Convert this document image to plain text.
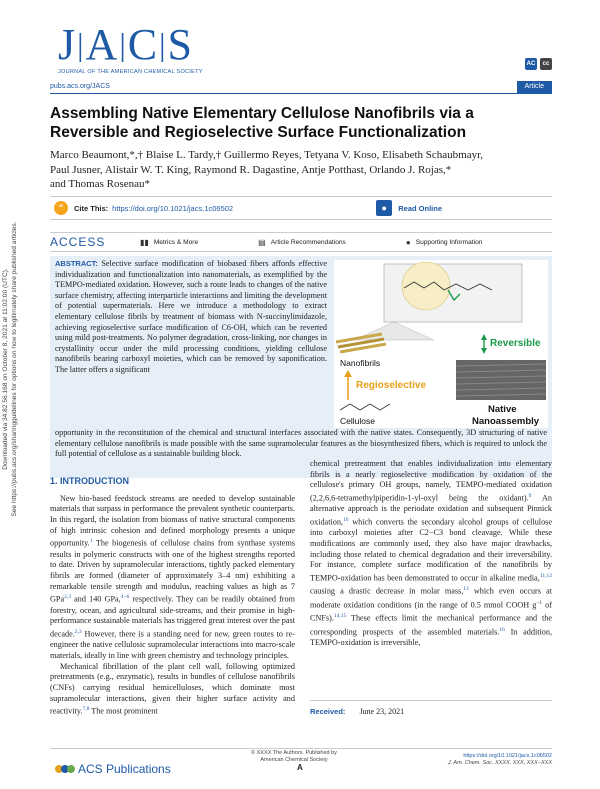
Downloaded via 34.82.56.168 on October 8, 2021 at 11:02:00 (UTC). See https://pubs.acs.org/sharingguidelines for options on how to legitimately share published articles.
J|A|C|S
JOURNAL OF THE AMERICAN CHEMICAL SOCIETY
AC	cc
pubs.acs.org/JACS	Article
Assembling Native Elementary Cellulose Nanofibrils via a Reversible and Regioselective Surface Functionalization
Marco Beaumont,*,† Blaise L. Tardy,† Guillermo Reyes, Tetyana V. Koso, Elisabeth Schaubmayr,
Paul Jusner, Alistair W. T. King, Raymond R. Dagastine, Antje Potthast, Orlando J. Rojas,*
and Thomas Rosenau*
"	Cite This: https://doi.org/10.1021/jacs.1c06502	●	Read Online
ACCESS	▮▮ Metrics & More	▤ Article Recommendations	● Supporting Information
ABSTRACT: Selective surface modification of biobased fibers affords effective individualization and functionalization into nanomaterials, as exemplified by the TEMPO-mediated oxidation. However, such a route leads to changes of the native surface chemistry, affecting interparticle interactions and limiting the development of potential supermaterials. Here we introduce a methodology to extract elementary cellulose fibrils by treatment of biomass with N-succinylimidazole, achieving regioselective surface modification of C6-OH, which can be reverted using mild post-treatments. No polymer degradation, cross-linking, nor changes in crystallinity occur under the mild processing conditions, yielding cellulose nanofibrils bearing carboxyl moieties, which can be removed by saponification. The latter offers a significant
opportunity in the reconstitution of the chemical and structural interfaces associated with the native states. Consequently, 3D structuring of native elementary cellulose nanofibrils is made possible with the same supramolecular features as the biosynthesized fibers, which is required to unlock the full potential of cellulose as a sustainable building block.
Nanofibrils
Reversible
Regioselective
Cellulose
Native
Nanoassembly
1. INTRODUCTION

New bio-based feedstock streams are needed to develop sustainable materials that surpass in performance the prevalent synthetic counterparts. In this regard, the isolation from biomass of native structural components of high intrinsic cohesion and defined morphology presents a unique opportunity.$^1$ The biogenesis of cellulose chains from synthase systems results in polymeric constructs with one of the highest strengths reported to date. Driven by supramolecular interactions, tightly packed elementary fibrils are formed (diameter of approximately 3–4 nm) exhibiting a remarkable tensile strength and modulus, reaching values as high as 7 GPa$^{2,3}$ and 140 GPa,$^{4-6}$ respectively. They can be readily obtained from forestry, ocean, and agricultural side-streams, and their promise in high-performance sustainable materials has triggered great interest over the past decade.$^{2,3}$ However, there is a standing need for new, green routes to re-engineer the native cellulosic supramolecular interactions into macro-scale materials, ideally in line with green chemistry and technology principles.

Mechanical fibrillation of the plant cell wall, following optimized pretreatments (e.g., enzymatic), results in bundles of cellulose nanofibrils (CNFs) carrying residual hemicelluloses, which dominate most supramolecular interactions, given their higher surface activity and reactivity.$^{7,8}$ The most prominent

chemical pretreatment that enables individualization into elementary fibrils is a nearly regioselective modification by oxidation of the cellulose's primary OH groups, namely, TEMPO-mediated oxidation (2,2,6,6-tetramethylpiperidin-1-yl-oxyl being the oxidant).$^9$ An alternative approach is the periodate oxidation and subsequent Pinnick oxidation,$^{10}$ which converts the secondary alcohol groups of cellulose into carboxyl moieties after C2−C3 bond cleavage. While these modifications are commonly used, they also have major drawbacks, including those related to chemical degradation and their irreversibility. For instance, complete surface modification of the nanofibrils by TEMPO-oxidation has been demonstrated to occur in alkaline media,$^{11,12}$ causing a drastic decrease in molar mass,$^{13}$ which even occurs at moderate oxidation conditions (in the range of 0.5 mmol COOH $g^{-1}$ of CNFs).$^{14,15}$ These effects limit the mechanical performance and the corresponding prospects of the assembled materials.$^{16}$ In addition, TEMPO-oxidation is irreversible,

Received: June 23, 2021
ACS Publications
© XXXX The Authors. Published by
American Chemical Society
A
https://doi.org/10.1021/jacs.1c06502
J. Am. Chem. Soc. XXXX, XXX, XXX−XXX
